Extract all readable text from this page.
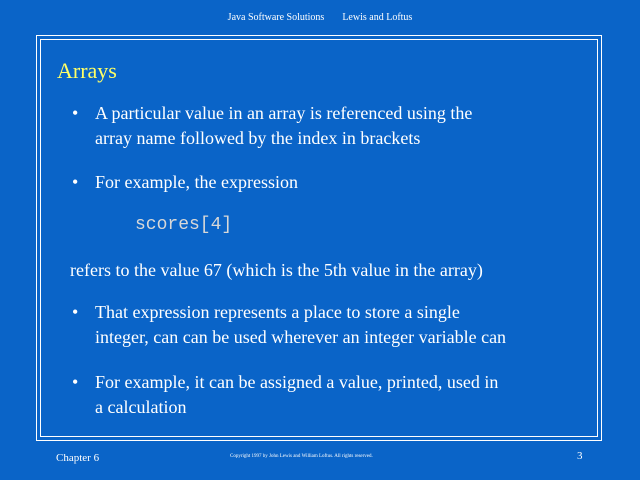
Java Software Solutions Lewis and Loftus
Arrays
• A particular value in an array is referenced using the
array name followed by the index in brackets
• For example, the expression
scores[4]
refers to the value 67 (which is the 5th value in the array)
• That expression represents a place to store a single
integer, can can be used wherever an integer variable can
• For example, it can be assigned a value, printed, used in
a calculation
Chapter 6	Copyright 1997 by John Lewis and William Loftus. All rights reserved.	3
